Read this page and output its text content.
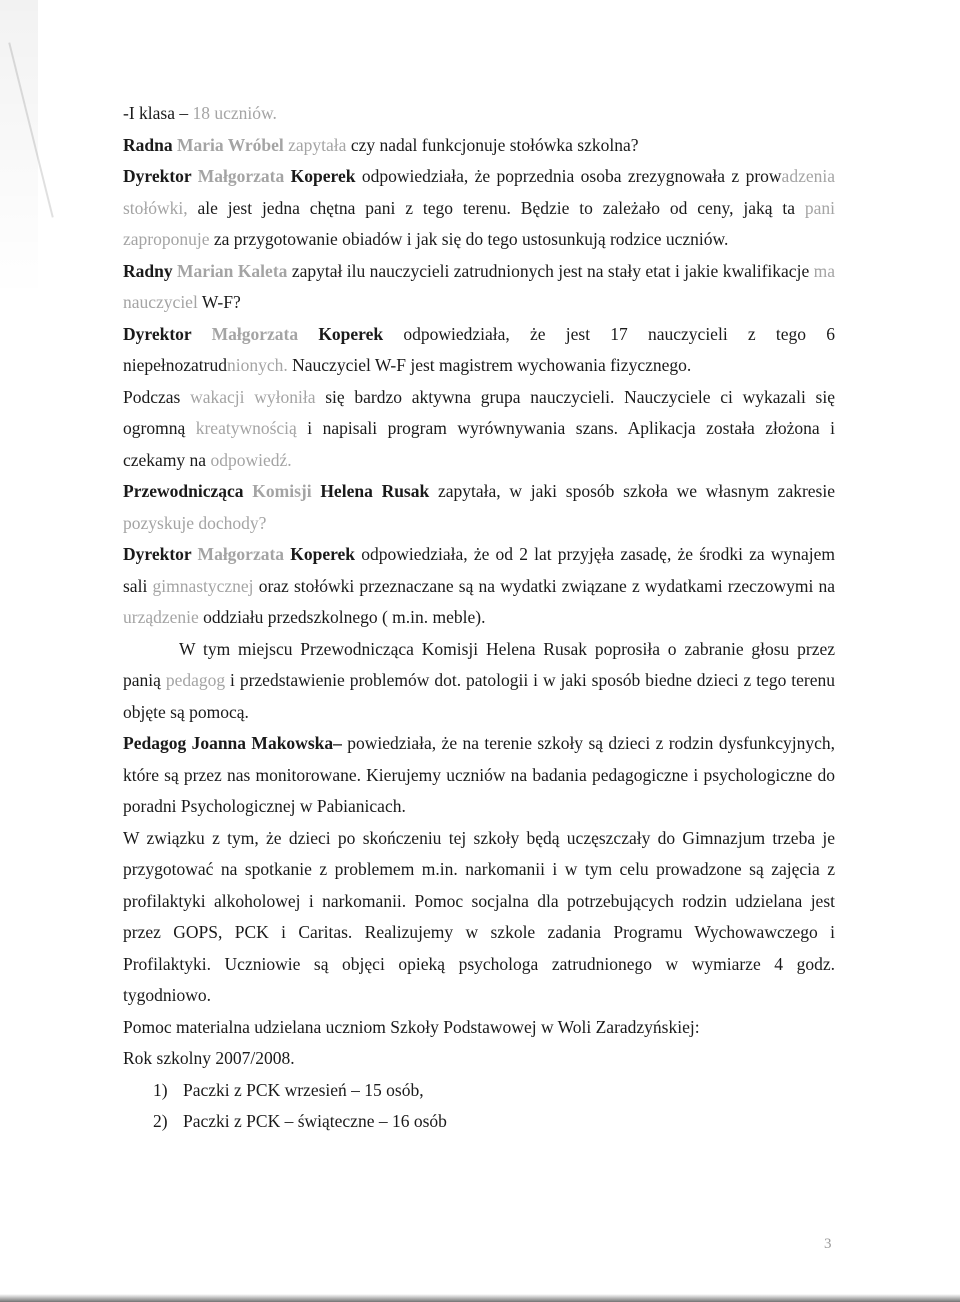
-I klasa – 18 uczniów.

Radna Maria Wróbel zapytała czy nadal funkcjonuje stołówka szkolna?

Dyrektor Małgorzata Koperek odpowiedziała, że poprzednia osoba zrezygnowała z prowadzenia stołówki, ale jest jedna chętna pani z tego terenu. Będzie to zależało od ceny, jaką ta pani zaproponuje za przygotowanie obiadów i jak się do tego ustosunkują rodzice uczniów.

Radny Marian Kaleta zapytał ilu nauczycieli zatrudnionych jest na stały etat i jakie kwalifikacje ma nauczyciel W-F?

Dyrektor Małgorzata Koperek odpowiedziała, że jest 17 nauczycieli z tego 6 niepełnozatrudnionych. Nauczyciel W-F jest magistrem wychowania fizycznego.

Podczas wakacji wyłoniła się bardzo aktywna grupa nauczycieli. Nauczyciele ci wykazali się ogromną kreatywnością i napisali program wyrównywania szans. Aplikacja została złożona i czekamy na odpowiedź.

Przewodnicząca Komisji Helena Rusak zapytała, w jaki sposób szkoła we własnym zakresie pozyskuje dochody?

Dyrektor Małgorzata Koperek odpowiedziała, że od 2 lat przyjęła zasadę, że środki za wynajem sali gimnastycznej oraz stołówki przeznaczane są na wydatki związane z wydatkami rzeczowymi na urządzenie oddziału przedszkolnego ( m.in. meble).

W tym miejscu Przewodnicząca Komisji Helena Rusak poprosiła o zabranie głosu przez panią pedagog i przedstawienie problemów dot. patologii i w jaki sposób biedne dzieci z tego terenu objęte są pomocą.

Pedagog Joanna Makowska– powiedziała, że na terenie szkoły są dzieci z rodzin dysfunkcyjnych, które są przez nas monitorowane. Kierujemy uczniów na badania pedagogiczne i psychologiczne do poradni Psychologicznej w Pabianicach.

W związku z tym, że dzieci po skończeniu tej szkoły będą uczęszczały do Gimnazjum trzeba je przygotować na spotkanie z problemem m.in. narkomanii i w tym celu prowadzone są zajęcia z profilaktyki alkoholowej i narkomanii. Pomoc socjalna dla potrzebujących rodzin udzielana jest przez GOPS, PCK i Caritas. Realizujemy w szkole zadania Programu Wychowawczego i Profilaktyki. Uczniowie są objęci opieką psychologa zatrudnionego w wymiarze 4 godz. tygodniowo.

Pomoc materialna udzielana uczniom Szkoły Podstawowej w Woli Zaradzyńskiej:

Rok szkolny 2007/2008.

1) Paczki z PCK wrzesień – 15 osób,
2) Paczki z PCK – świąteczne – 16 osób
3
